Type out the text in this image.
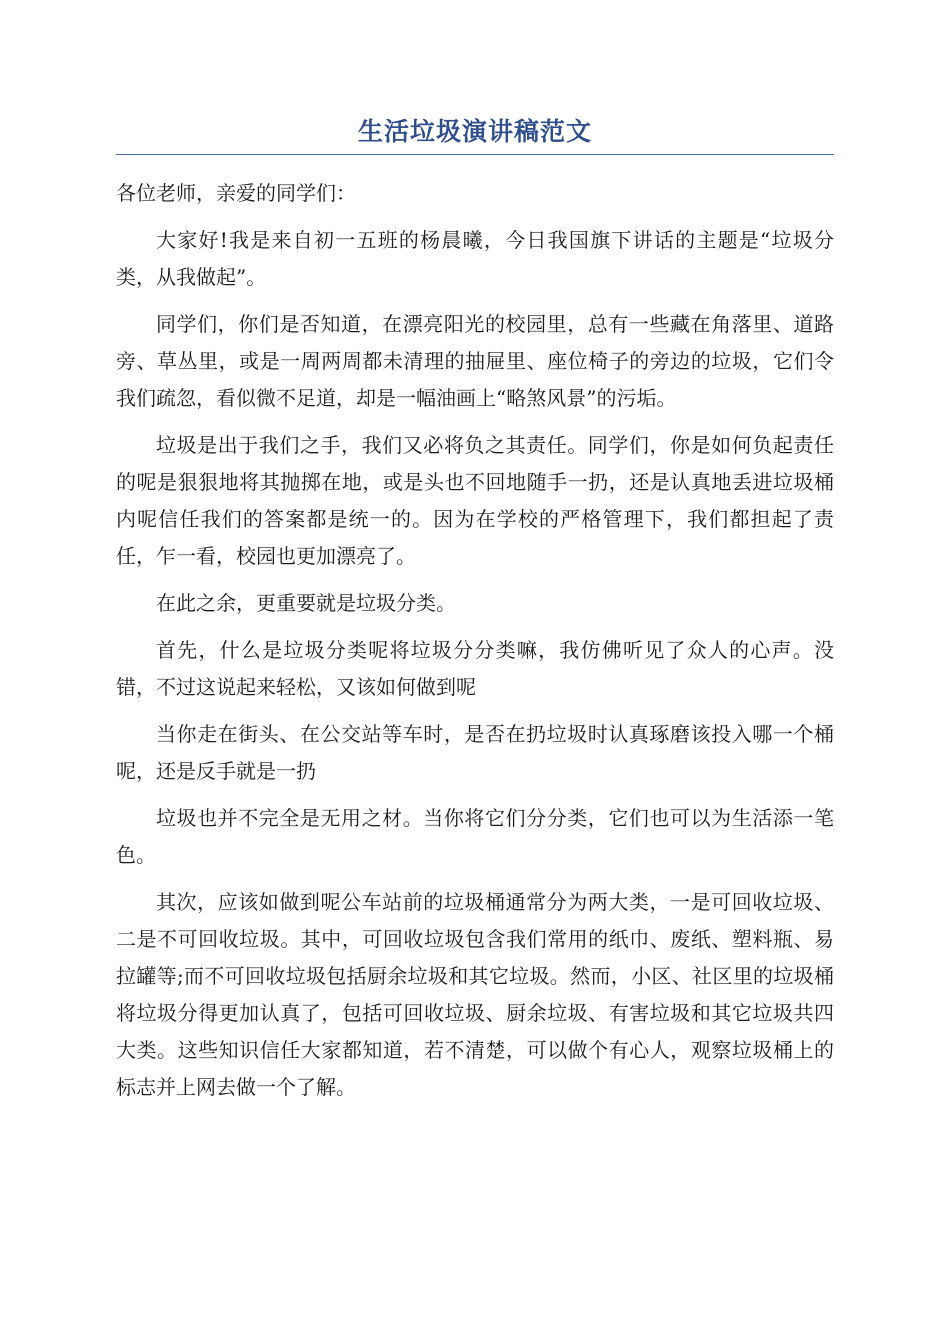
生活垃圾演讲稿范文

各位老师，亲爱的同学们：

大家好!我是来自初一五班的杨晨曦，今日我国旗下讲话的主题是“垃圾分类，从我做起”。

同学们，你们是否知道，在漂亮阳光的校园里，总有一些藏在角落里、道路旁、草丛里，或是一周两周都未清理的抽屉里、座位椅子的旁边的垃圾，它们令我们疏忽，看似微不足道，却是一幅油画上“略煞风景”的污垢。

垃圾是出于我们之手，我们又必将负之其责任。同学们，你是如何负起责任的呢是狠狠地将其抛掷在地，或是头也不回地随手一扔，还是认真地丢进垃圾桶内呢信任我们的答案都是统一的。因为在学校的严格管理下，我们都担起了责任，乍一看，校园也更加漂亮了。

在此之余，更重要就是垃圾分类。

首先，什么是垃圾分类呢将垃圾分分类嘛，我仿佛听见了众人的心声。没错，不过这说起来轻松，又该如何做到呢

当你走在街头、在公交站等车时，是否在扔垃圾时认真琢磨该投入哪一个桶呢，还是反手就是一扔

垃圾也并不完全是无用之材。当你将它们分分类，它们也可以为生活添一笔色。

其次，应该如做到呢公车站前的垃圾桶通常分为两大类，一是可回收垃圾、二是不可回收垃圾。其中，可回收垃圾包含我们常用的纸巾、废纸、塑料瓶、易拉罐等;而不可回收垃圾包括厨余垃圾和其它垃圾。然而，小区、社区里的垃圾桶将垃圾分得更加认真了，包括可回收垃圾、厨余垃圾、有害垃圾和其它垃圾共四大类。这些知识信任大家都知道，若不清楚，可以做个有心人，观察垃圾桶上的标志并上网去做一个了解。
